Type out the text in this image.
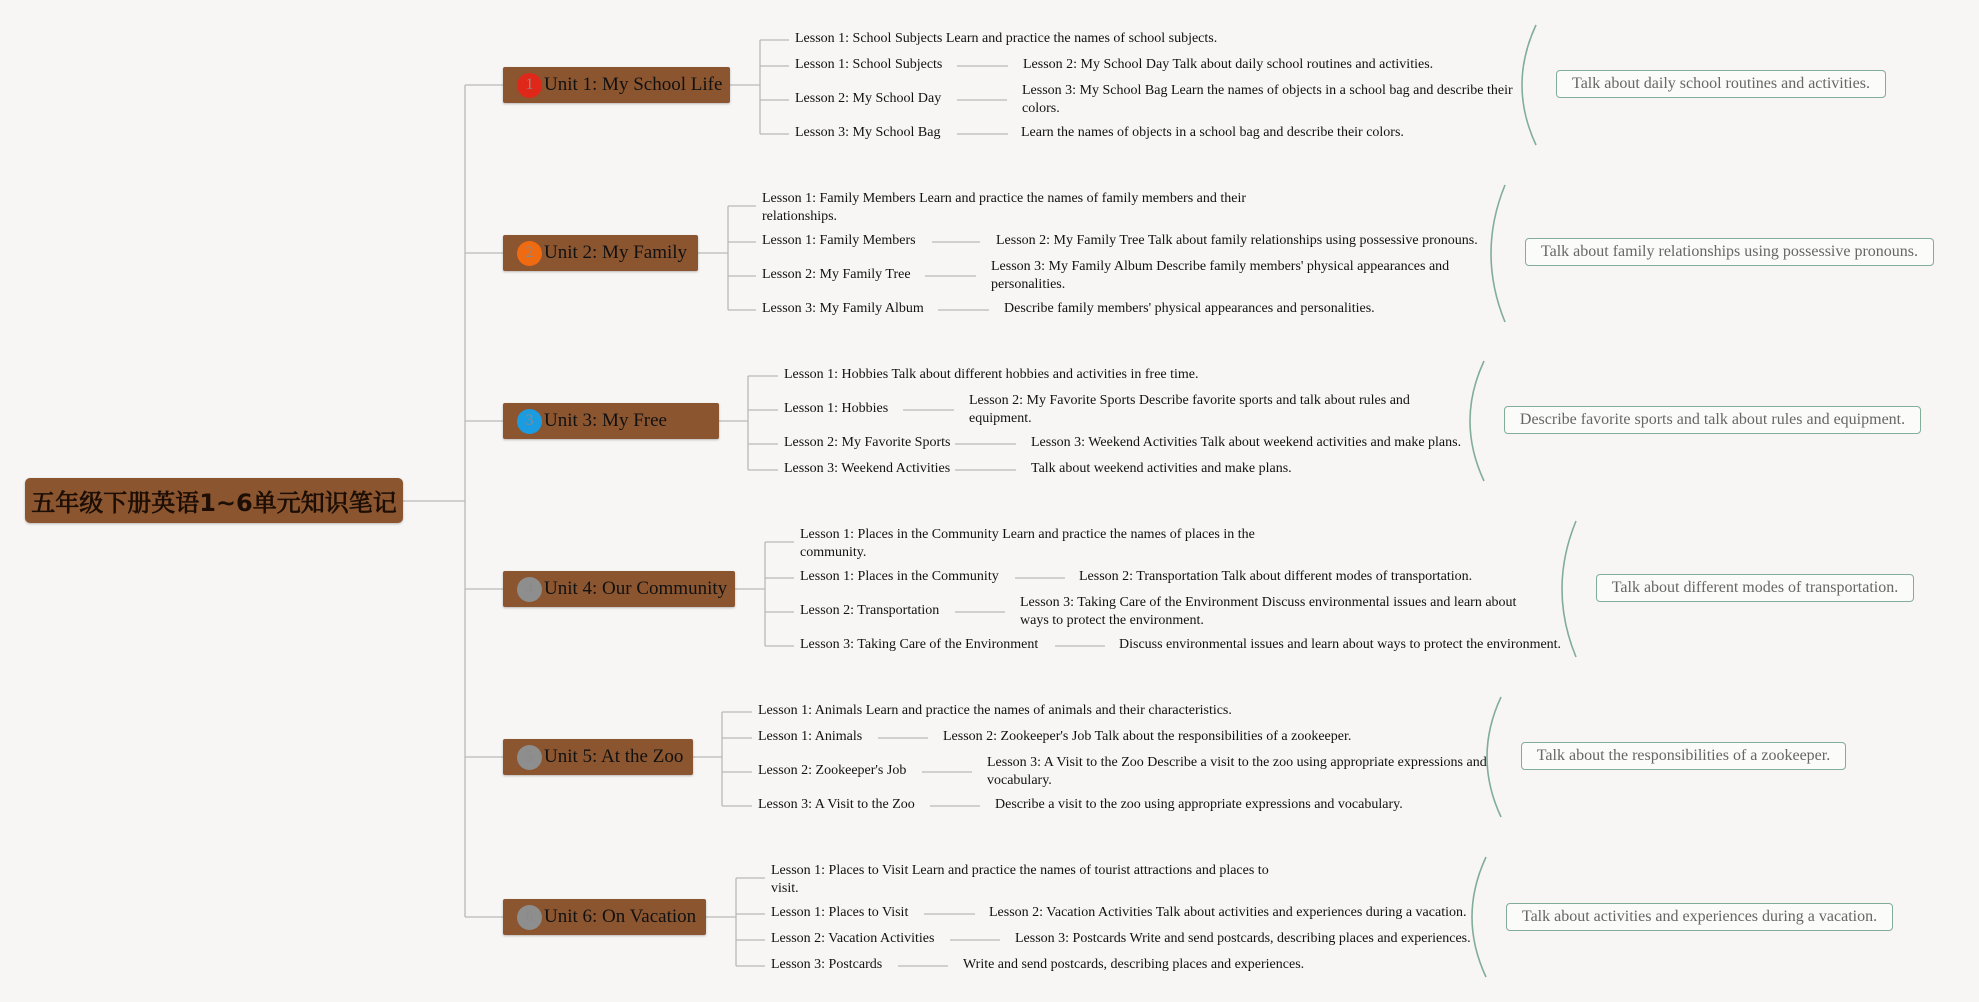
五年级下册英语1~6单元知识笔记
1 Unit 1: My School Life
Lesson 1: School Subjects Learn and practice the names of school subjects.
Lesson 1: School Subjects	Lesson 2: My School Day Talk about daily school routines and activities.
Lesson 2: My School Day
Lesson 3: My School Bag Learn the names of objects in a school bag and describe their colors.
Lesson 3: My School Bag	Learn the names of objects in a school bag and describe their colors.
Talk about daily school routines and activities.
2 Unit 2: My Family
Lesson 1: Family Members Learn and practice the names of family members and their relationships.
Lesson 1: Family Members	Lesson 2: My Family Tree Talk about family relationships using possessive pronouns.
Lesson 2: My Family Tree
Lesson 3: My Family Album Describe family members' physical appearances and personalities.
Lesson 3: My Family Album	Describe family members' physical appearances and personalities.
Talk about family relationships using possessive pronouns.
3 Unit 3: My Free
Lesson 1: Hobbies Talk about different hobbies and activities in free time.
Lesson 1: Hobbies
Lesson 2: My Favorite Sports Describe favorite sports and talk about rules and equipment.
Lesson 2: My Favorite Sports	Lesson 3: Weekend Activities Talk about weekend activities and make plans.
Lesson 3: Weekend Activities	Talk about weekend activities and make plans.
Describe favorite sports and talk about rules and equipment.
4 Unit 4: Our Community
Lesson 1: Places in the Community Learn and practice the names of places in the community.
Lesson 1: Places in the Community	Lesson 2: Transportation Talk about different modes of transportation.
Lesson 2: Transportation
Lesson 3: Taking Care of the Environment Discuss environmental issues and learn about ways to protect the environment.
Lesson 3: Taking Care of the Environment	Discuss environmental issues and learn about ways to protect the environment.
Talk about different modes of transportation.
5 Unit 5: At the Zoo
Lesson 1: Animals Learn and practice the names of animals and their characteristics.
Lesson 1: Animals	Lesson 2: Zookeeper's Job Talk about the responsibilities of a zookeeper.
Lesson 2: Zookeeper's Job
Lesson 3: A Visit to the Zoo Describe a visit to the zoo using appropriate expressions and vocabulary.
Lesson 3: A Visit to the Zoo	Describe a visit to the zoo using appropriate expressions and vocabulary.
Talk about the responsibilities of a zookeeper.
6 Unit 6: On Vacation
Lesson 1: Places to Visit Learn and practice the names of tourist attractions and places to visit.
Lesson 1: Places to Visit	Lesson 2: Vacation Activities Talk about activities and experiences during a vacation.
Lesson 2: Vacation Activities	Lesson 3: Postcards Write and send postcards, describing places and experiences.
Lesson 3: Postcards	Write and send postcards, describing places and experiences.
Talk about activities and experiences during a vacation.
